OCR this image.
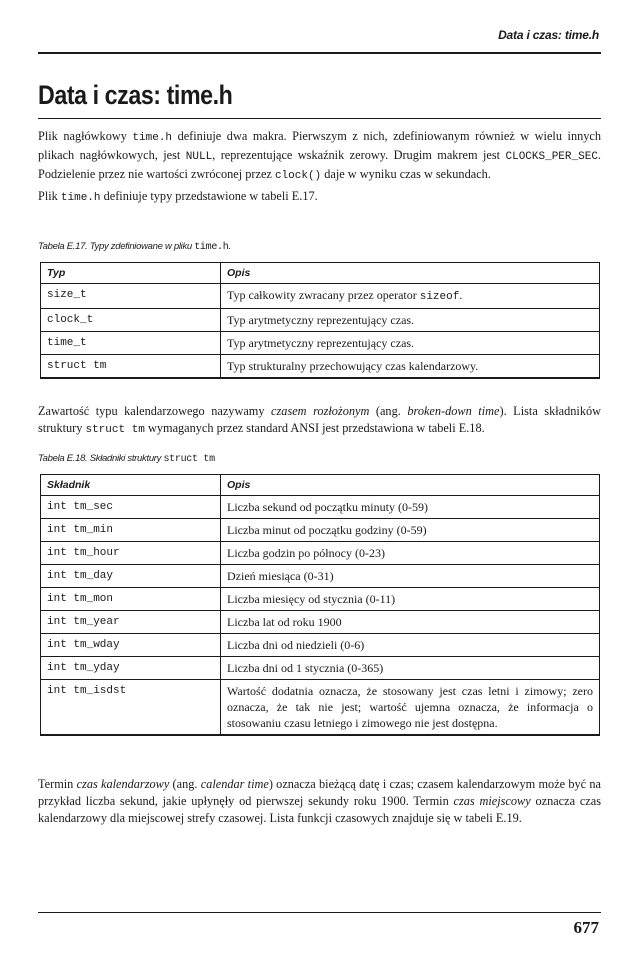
Data i czas: time.h
Data i czas: time.h

Plik nagłówkowy time.h definiuje dwa makra. Pierwszym z nich, zdefiniowanym również w wielu innych plikach nagłówkowych, jest NULL, reprezentujące wskaźnik zerowy. Drugim makrem jest CLOCKS_PER_SEC. Podzielenie przez nie wartości zwróconej przez clock() daje w wyniku czas w sekundach.

Plik time.h definiuje typy przedstawione w tabeli E.17.

Tabela E.17. Typy zdefiniowane w pliku time.h.

Typ	Opis
size_t	Typ całkowity zwracany przez operator sizeof.
clock_t	Typ arytmetyczny reprezentujący czas.
time_t	Typ arytmetyczny reprezentujący czas.
struct tm	Typ strukturalny przechowujący czas kalendarzowy.

Zawartość typu kalendarzowego nazywamy czasem rozłożonym (ang. broken-down time). Lista składników struktury struct tm wymaganych przez standard ANSI jest przedstawiona w tabeli E.18.

Tabela E.18. Składniki struktury struct tm

Składnik	Opis
int tm_sec	Liczba sekund od początku minuty (0-59)
int tm_min	Liczba minut od początku godziny (0-59)
int tm_hour	Liczba godzin po północy (0-23)
int tm_day	Dzień miesiąca (0-31)
int tm_mon	Liczba miesięcy od stycznia (0-11)
int tm_year	Liczba lat od roku 1900
int tm_wday	Liczba dni od niedzieli (0-6)
int tm_yday	Liczba dni od 1 stycznia (0-365)
int tm_isdst	Wartość dodatnia oznacza, że stosowany jest czas letni i zimowy; zero oznacza, że tak nie jest; wartość ujemna oznacza, że informacja o stosowaniu czasu letniego i zimowego nie jest dostępna.

Termin czas kalendarzowy (ang. calendar time) oznacza bieżącą datę i czas; czasem kalendarzowym może być na przykład liczba sekund, jakie upłynęły od pierwszej sekundy roku 1900. Termin czas miejscowy oznacza czas kalendarzowy dla miejscowej strefy czasowej. Lista funkcji czasowych znajduje się w tabeli E.19.

677
